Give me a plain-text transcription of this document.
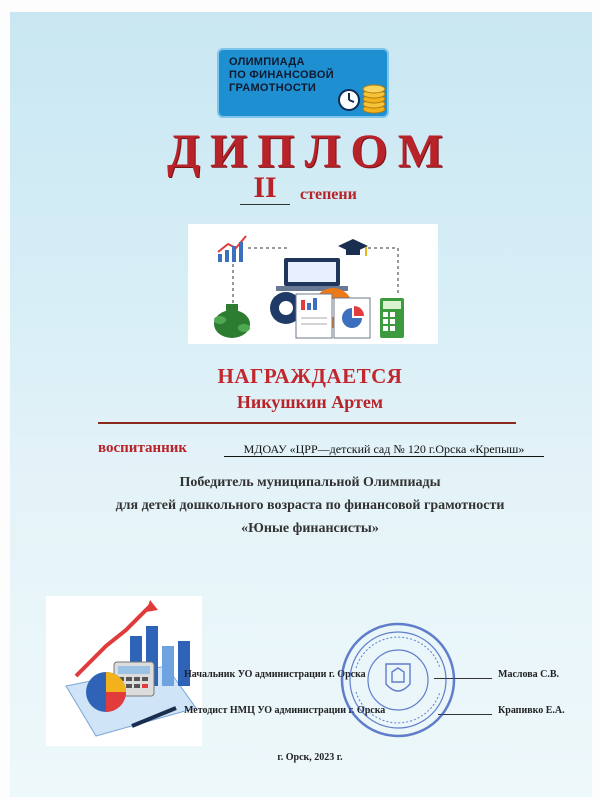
ОЛИМПИАДА
ПО ФИНАНСОВОЙ
ГРАМОТНОСТИ
ДИПЛОМ
II	степени
НАГРАЖДАЕТСЯ
Никушкин Артем
воспитанник	МДОАУ «ЦРР—детский сад № 120 г.Орска «Крепыш»
Победитель муниципальной Олимпиады
для детей дошкольного возраста по финансовой грамотности
«Юные финансисты»
Начальник УО администрации г. Орска	Маслова С.В.
Методист НМЦ УО администрации г. Орска	Крапивко Е.А.
г. Орск, 2023 г.
